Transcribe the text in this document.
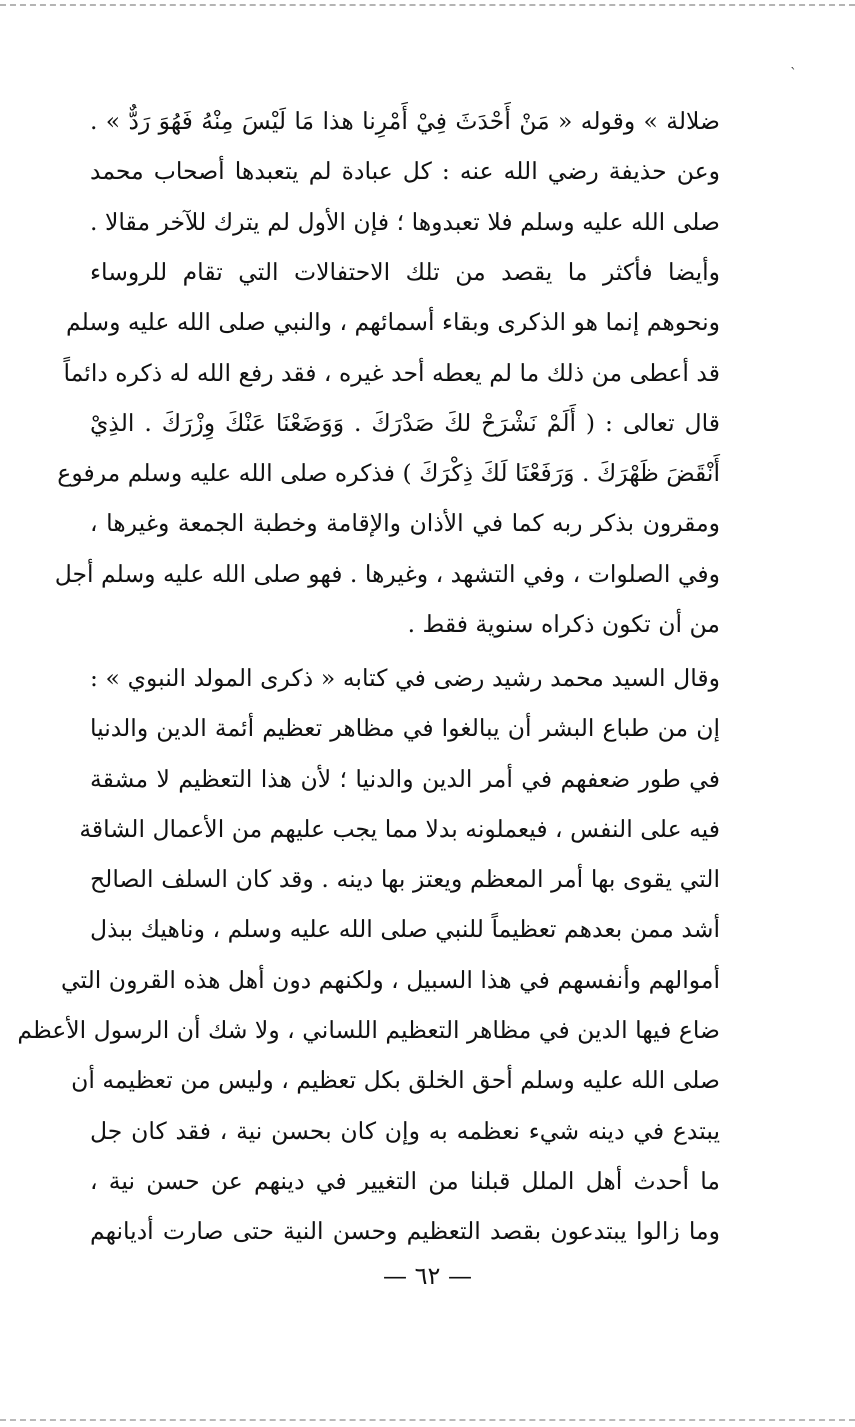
`
ضلالة » وقوله « مَنْ أَحْدَثَ فِيْ أَمْرِنا هذا مَا لَيْسَ مِنْهُ فَهُوَ رَدٌّ » .
وعن حذيفة رضي الله عنه : كل عبادة لم يتعبدها أصحاب محمد
صلى الله عليه وسلم فلا تعبدوها ؛ فإن الأول لم يترك للآخر مقالا .
وأيضا فأكثر ما يقصد من تلك الاحتفالات التي تقام للروساء
ونحوهم إنما هو الذكرى وبقاء أسمائهم ، والنبي صلى الله عليه وسلم
قد أعطى من ذلك ما لم يعطه أحد غيره ، فقد رفع الله له ذكره دائماً
قال تعالى : ( أَلَمْ نَشْرَحْ لكَ صَدْرَكَ . وَوَضَعْنَا عَنْكَ وِزْرَكَ . الذِيْ
أَنْقَضَ ظَهْرَكَ . وَرَفَعْنَا لَكَ ذِكْرَكَ ) فذكره صلى الله عليه وسلم مرفوع
ومقرون بذكر ربه كما في الأذان والإقامة وخطبة الجمعة وغيرها ،
وفي الصلوات ، وفي التشهد ، وغيرها . فهو صلى الله عليه وسلم أجل
من أن تكون ذكراه سنوية فقط .
وقال السيد محمد رشيد رضى في كتابه « ذكرى المولد النبوي » :
إن من طباع البشر أن يبالغوا في مظاهر تعظيم أئمة الدين والدنيا
في طور ضعفهم في أمر الدين والدنيا ؛ لأن هذا التعظيم لا مشقة
فيه على النفس ، فيعملونه بدلا مما يجب عليهم من الأعمال الشاقة
التي يقوى بها أمر المعظم ويعتز بها دينه . وقد كان السلف الصالح
أشد ممن بعدهم تعظيماً للنبي صلى الله عليه وسلم ، وناهيك ببذل
أموالهم وأنفسهم في هذا السبيل ، ولكنهم دون أهل هذه القرون التي
ضاع فيها الدين في مظاهر التعظيم اللساني ، ولا شك أن الرسول الأعظم
صلى الله عليه وسلم أحق الخلق بكل تعظيم ، وليس من تعظيمه أن
يبتدع في دينه شيء نعظمه به وإن كان بحسن نية ، فقد كان جل
ما أحدث أهل الملل قبلنا من التغيير في دينهم عن حسن نية ،
وما زالوا يبتدعون بقصد التعظيم وحسن النية حتى صارت أديانهم
— ٦٢ —
